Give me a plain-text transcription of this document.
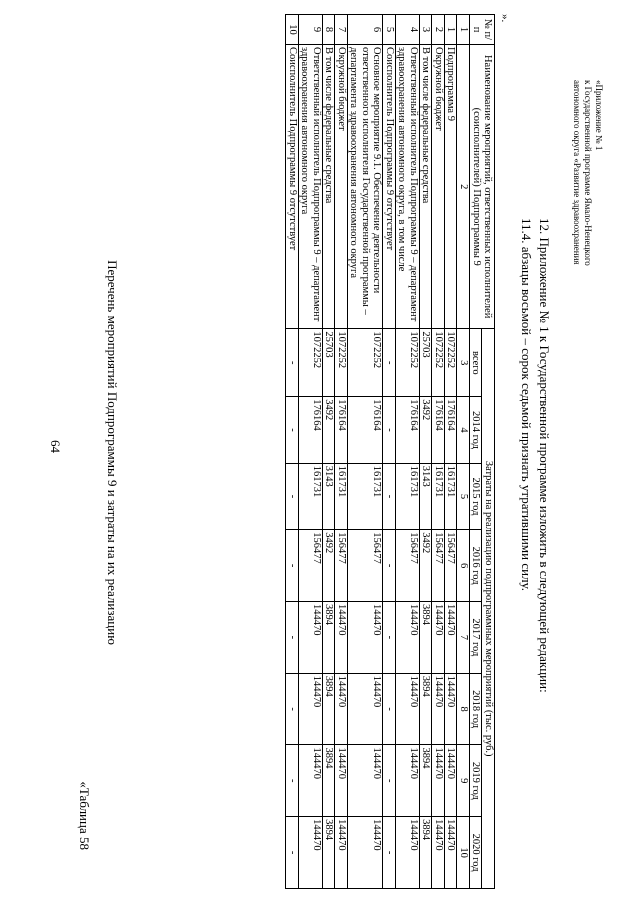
64
«Таблица 58
Перечень мероприятий Подпрограммы 9 и затраты на их реализацию
№ п/п	Наименование мероприятий, ответственных исполнителей (соисполнителей) Подпрограммы 9	Затраты на реализацию подпрограммных мероприятий (тыс. руб.)							
		всего	2014 год	2015 год	2016 год	2017 год	2018 год	2019 год	2020 год
1	2	3	4	5	6	7	8	9	10
1	Подпрограмма 9	1072252	176164	161731	156477	144470	144470	144470	144470
2	Окружной бюджет	1072252	176164	161731	156477	144470	144470	144470	144470
3	В том числе федеральные средства	25703	3492	3143	3492	3894	3894	3894	3894
4	Ответственный исполнитель Подпрограммы 9 – департамент здравоохранения автономного округа, в том числе	1072252	176164	161731	156477	144470	144470	144470	144470
5	Соисполнитель Подпрограммы 9 отсутствует	-	-	-	-	-	-	-	-
6	Основное мероприятие 9.1. Обеспечение деятельности ответственного исполнителя Государственной программы – департамента здравоохранения автономного округа	1072252	176164	161731	156477	144470	144470	144470	144470
7	Окружной бюджет	1072252	176164	161731	156477	144470	144470	144470	144470
8	В том числе федеральные средства	25703	3492	3143	3492	3894	3894	3894	3894
9	Ответственный исполнитель Подпрограммы 9 – департамент здравоохранения автономного округа	1072252	176164	161731	156477	144470	144470	144470	144470
10	Соисполнитель Подпрограммы 9 отсутствует	-	-	-	-	-	-	-	-
».
11.4. абзацы восьмой – сорок седьмой признать утратившими силу. 12. Приложение № 1 к Государственной программе изложить в следующей редакции:
«Приложение № 1
к Государственной программе Ямало-Ненецкого
автономного округа «Развитие здравоохранения
